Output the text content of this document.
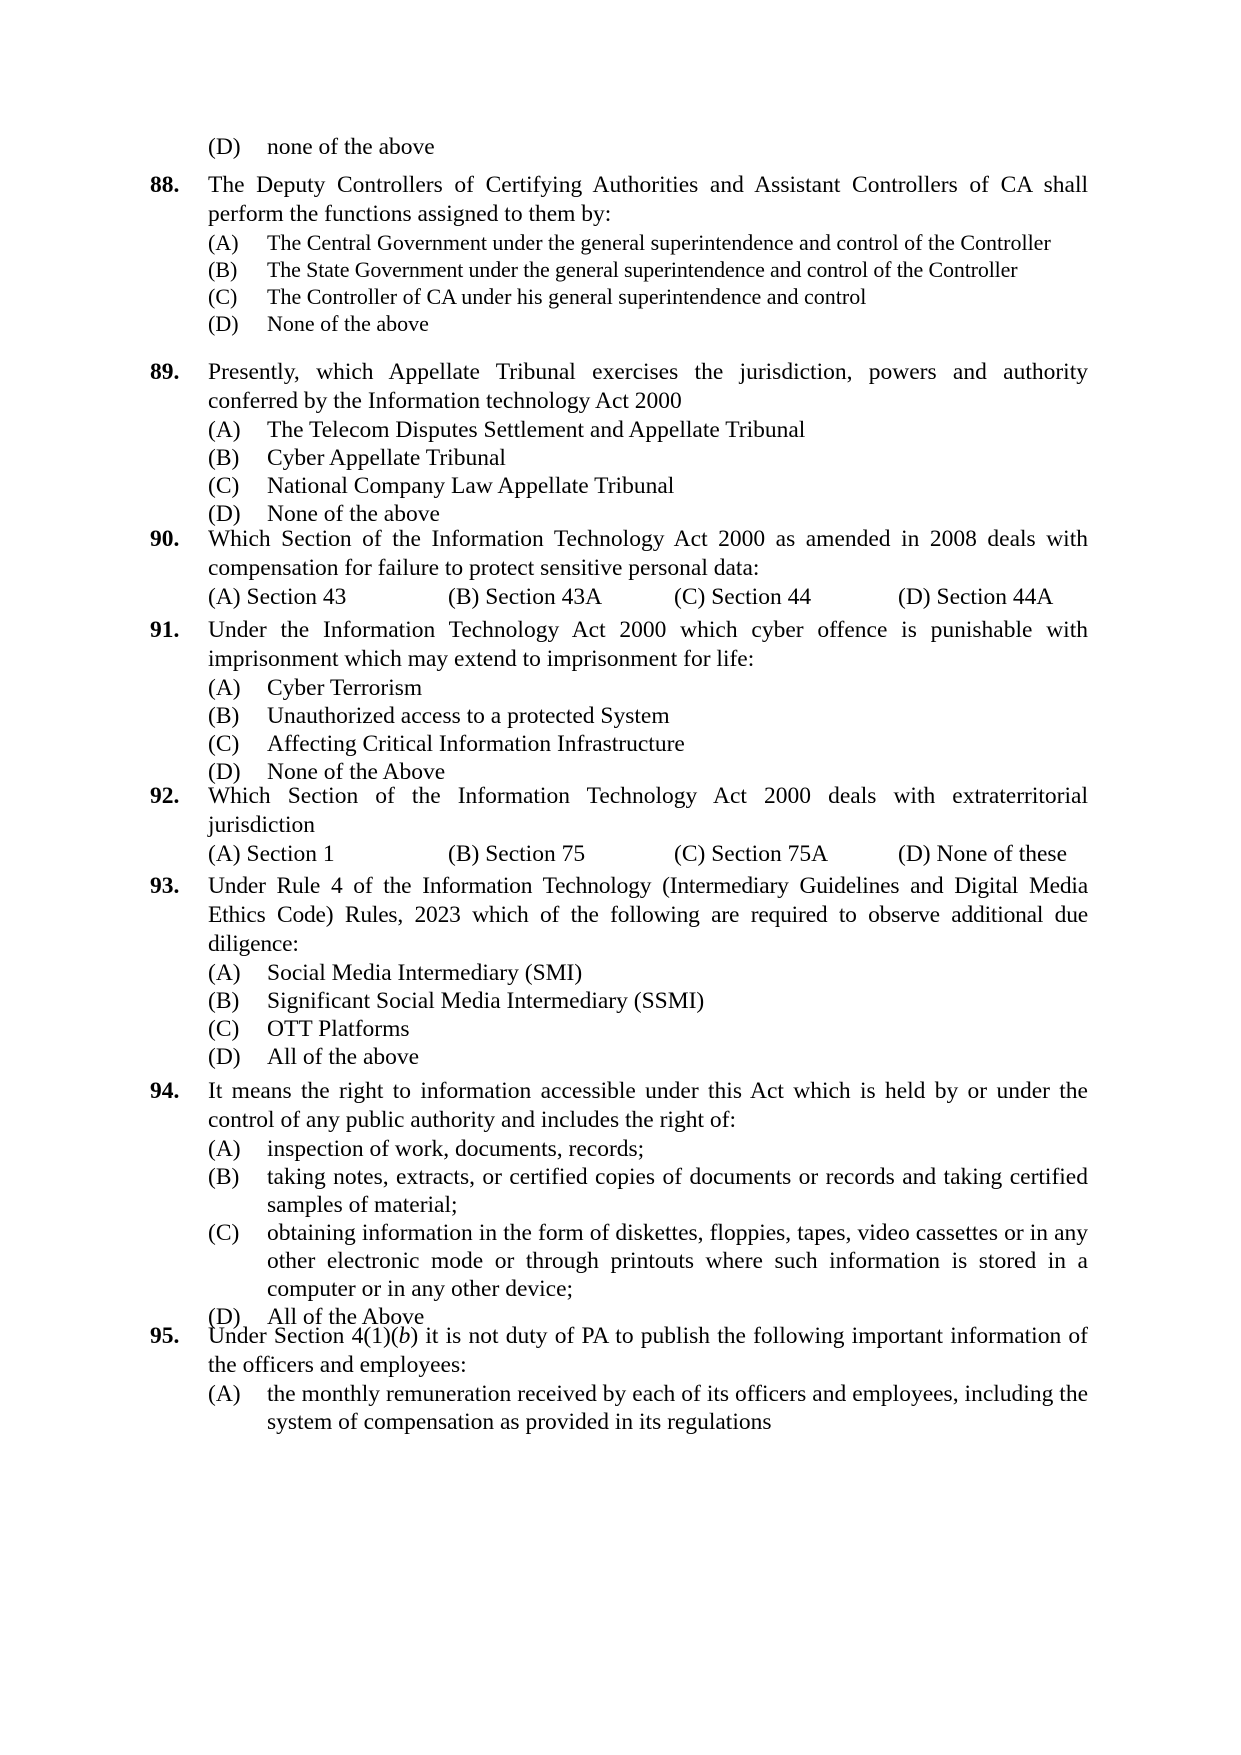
(D) none of the above
88. The Deputy Controllers of Certifying Authorities and Assistant Controllers of CA shall perform the functions assigned to them by:
(A) The Central Government under the general superintendence and control of the Controller
(B) The State Government under the general superintendence and control of the Controller
(C) The Controller of CA under his general superintendence and control
(D) None of the above
89. Presently, which Appellate Tribunal exercises the jurisdiction, powers and authority conferred by the Information technology Act 2000
(A) The Telecom Disputes Settlement and Appellate Tribunal
(B) Cyber Appellate Tribunal
(C) National Company Law Appellate Tribunal
(D) None of the above
90. Which Section of the Information Technology Act 2000 as amended in 2008 deals with compensation for failure to protect sensitive personal data:
(A) Section 43	(B) Section 43A	(C) Section 44	(D) Section 44A
91. Under the Information Technology Act 2000 which cyber offence is punishable with imprisonment which may extend to imprisonment for life:
(A) Cyber Terrorism
(B) Unauthorized access to a protected System
(C) Affecting Critical Information Infrastructure
(D) None of the Above
92. Which Section of the Information Technology Act 2000 deals with extraterritorial jurisdiction
(A) Section 1	(B) Section 75	(C) Section 75A	(D) None of these
93. Under Rule 4 of the Information Technology (Intermediary Guidelines and Digital Media Ethics Code) Rules, 2023 which of the following are required to observe additional due diligence:
(A) Social Media Intermediary (SMI)
(B) Significant Social Media Intermediary (SSMI)
(C) OTT Platforms
(D) All of the above
94. It means the right to information accessible under this Act which is held by or under the control of any public authority and includes the right of:
(A) inspection of work, documents, records;
(B) taking notes, extracts, or certified copies of documents or records and taking certified samples of material;
(C) obtaining information in the form of diskettes, floppies, tapes, video cassettes or in any other electronic mode or through printouts where such information is stored in a computer or in any other device;
(D) All of the Above
95. Under Section 4(1)(b) it is not duty of PA to publish the following important information of the officers and employees:
(A) the monthly remuneration received by each of its officers and employees, including the system of compensation as provided in its regulations
